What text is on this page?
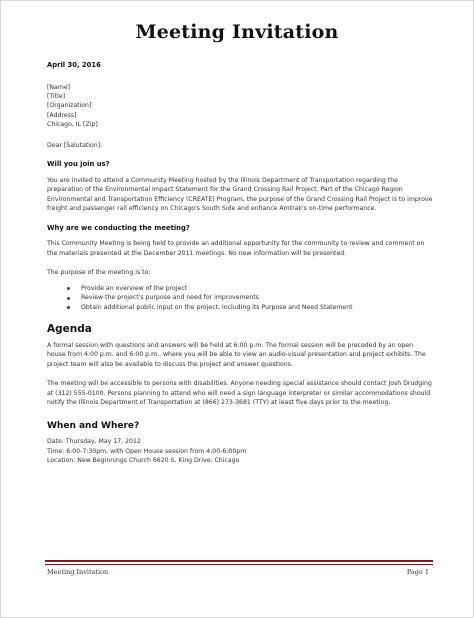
Meeting Invitation
April 30, 2016
[Name]
[Title]
[Organization]
[Address]
Chicago, IL [Zip]
Dear [Salutation]:
Will you join us?
You are invited to attend a Community Meeting hosted by the Illinois Department of Transportation regarding the preparation of the Environmental Impact Statement for the Grand Crossing Rail Project. Part of the Chicago Region Environmental and Transportation Efficiency (CREATE) Program, the purpose of the Grand Crossing Rail Project is to improve freight and passenger rail efficiency on Chicago's South Side and enhance Amtrak's on-time performance.
Why are we conducting the meeting?
This Community Meeting is being held to provide an additional opportunity for the community to review and comment on the materials presented at the December 2011 meetings. No new information will be presented.
The purpose of the meeting is to:
Provide an overview of the project
Review the project's purpose and need for improvements
Obtain additional public input on the project, including its Purpose and Need Statement
Agenda
A formal session with questions and answers will be held at 6:00 p.m. The formal session will be preceded by an open house from 4:00 p.m. and 6:00 p.m., where you will be able to view an audio-visual presentation and project exhibits. The project team will also be available to discuss the project and answer questions.
The meeting will be accessible to persons with disabilities. Anyone needing special assistance should contact Josh Drudging at (312) 555-0100. Persons planning to attend who will need a sign language interpreter or similar accommodations should notify the Illinois Department of Transportation at (866) 273-3681 (TTY) at least five days prior to the meeting.
When and Where?
Date: Thursday, May 17, 2012
Time: 6:00-7:30pm, with Open House session from 4:00-6:00pm
Location: New Beginnings Church 6620 S. King Drive, Chicago
Meeting Invitation	Page 1
